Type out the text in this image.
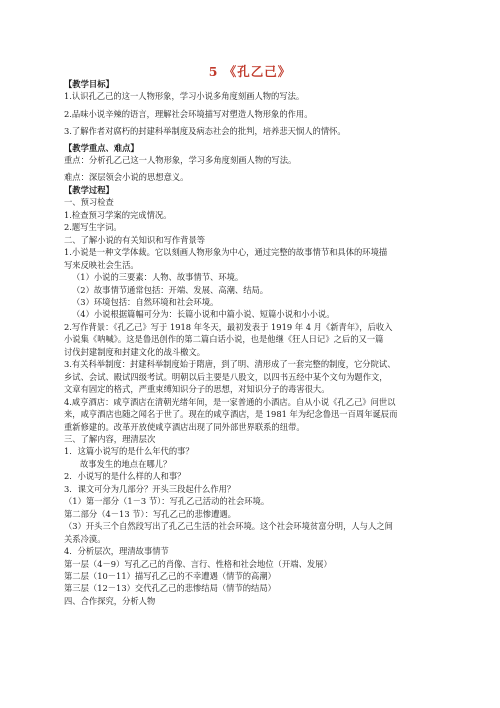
5 《孔乙己》
【教学目标】
1.认识孔乙己的这一人物形象，学习小说多角度刻画人物的写法。
2.品味小说辛辣的语言，理解社会环境描写对塑造人物形象的作用。
3.了解作者对腐朽的封建科举制度及病态社会的批判，培养悲天悯人的情怀。
【教学重点、难点】
重点：分析孔乙己这一人物形象，学习多角度刻画人物的写法。
难点：深层领会小说的思想意义。
【教学过程】
一、预习检查
1.检查预习学案的完成情况。
2.题写生字词。
二、了解小说的有关知识和写作背景等
1.小说是一种文学体裁。它以刻画人物形象为中心，通过完整的故事情节和具体的环境描
写来反映社会生活。
（1）小说的三要素：人物、故事情节、环境。
（2）故事情节通常包括：开端、发展、高潮、结局。
（3）环境包括：自然环境和社会环境。
（4）小说根据篇幅可分为：长篇小说和中篇小说、短篇小说和小小说。
2.写作背景：《孔乙己》写于 1918 年冬天，最初发表于 1919 年 4 月《新青年》，后收入
小说集《呐喊》。这是鲁迅创作的第二篇白话小说，也是他继《狂人日记》之后的又一篇
讨伐封建制度和封建文化的战斗檄文。
3.有关科举制度：封建科举制度始于隋唐，到了明、清形成了一套完整的制度，它分院试、
乡试、会试、殿试四级考试。明朝以后主要是八股文，以四书五经中某个文句为题作文，
文章有固定的格式，严重束缚知识分子的思想，对知识分子的毒害很大。
4.咸亨酒店：咸亨酒店在清朝光绪年间，是一家普通的小酒店。自从小说《孔乙己》问世以
来，咸亨酒店也随之闻名于世了。现在的咸亨酒店，是 1981 年为纪念鲁迅一百周年诞辰而
重新修建的。改革开放使咸亨酒店出现了同外部世界联系的纽带。
三、了解内容，理清层次
1．这篇小说写的是什么年代的事？
故事发生的地点在哪儿？
2．小说写的是什么样的人和事？
3．课文可分为几部分？开头三段起什么作用？
（1）第一部分（1－3 节）：写孔乙己活动的社会环境。
第二部分（4－13 节）：写孔乙己的悲惨遭遇。
（3）开头三个自然段写出了孔乙己生活的社会环境。这个社会环境贫富分明，人与人之间
关系冷漠。
4．分析层次，理清故事情节
第一层（4－9）写孔乙己的肖像、言行、性格和社会地位（开端、发展）
第二层（10－11）描写孔乙己的不幸遭遇（情节的高潮）
第三层（12－13）交代孔乙己的悲惨结局（情节的结局）
四、合作探究，分析人物
